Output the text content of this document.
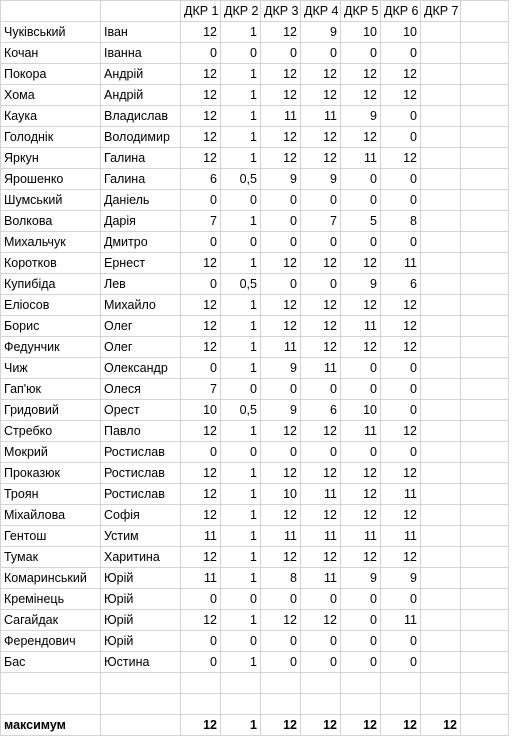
		ДКР 1	ДКР 2	ДКР 3	ДКР 4	ДКР 5	ДКР 6	ДКР 7	
Чуківський	Іван	12	1	12	9	10	10		
Кочан	Іванна	0	0	0	0	0	0		
Покора	Андрій	12	1	12	12	12	12		
Хома	Андрій	12	1	12	12	12	12		
Каука	Владислав	12	1	11	11	9	0		
Голоднік	Володимир	12	1	12	12	12	0		
Яркун	Галина	12	1	12	12	11	12		
Ярошенко	Галина	6	0,5	9	9	0	0		
Шумський	Даніель	0	0	0	0	0	0		
Волкова	Дарія	7	1	0	7	5	8		
Михальчук	Дмитро	0	0	0	0	0	0		
Коротков	Ернест	12	1	12	12	12	11		
Купибіда	Лев	0	0,5	0	0	9	6		
Еліосов	Михайло	12	1	12	12	12	12		
Борис	Олег	12	1	12	12	11	12		
Федунчик	Олег	12	1	11	12	12	12		
Чиж	Олександр	0	1	9	11	0	0		
Гап'юк	Олеся	7	0	0	0	0	0		
Гридовий	Орест	10	0,5	9	6	10	0		
Стребко	Павло	12	1	12	12	11	12		
Мокрий	Ростислав	0	0	0	0	0	0		
Проказюк	Ростислав	12	1	12	12	12	12		
Троян	Ростислав	12	1	10	11	12	11		
Міхайлова	Софія	12	1	12	12	12	12		
Гентош	Устим	11	1	11	11	11	11		
Тумак	Харитина	12	1	12	12	12	12		
Комаринський	Юрій	11	1	8	11	9	9		
Кремінець	Юрій	0	0	0	0	0	0		
Сагайдак	Юрій	12	1	12	12	0	11		
Ферендович	Юрій	0	0	0	0	0	0		
Бас	Юстина	0	1	0	0	0	0		

максимум		12	1	12	12	12	12	12	
